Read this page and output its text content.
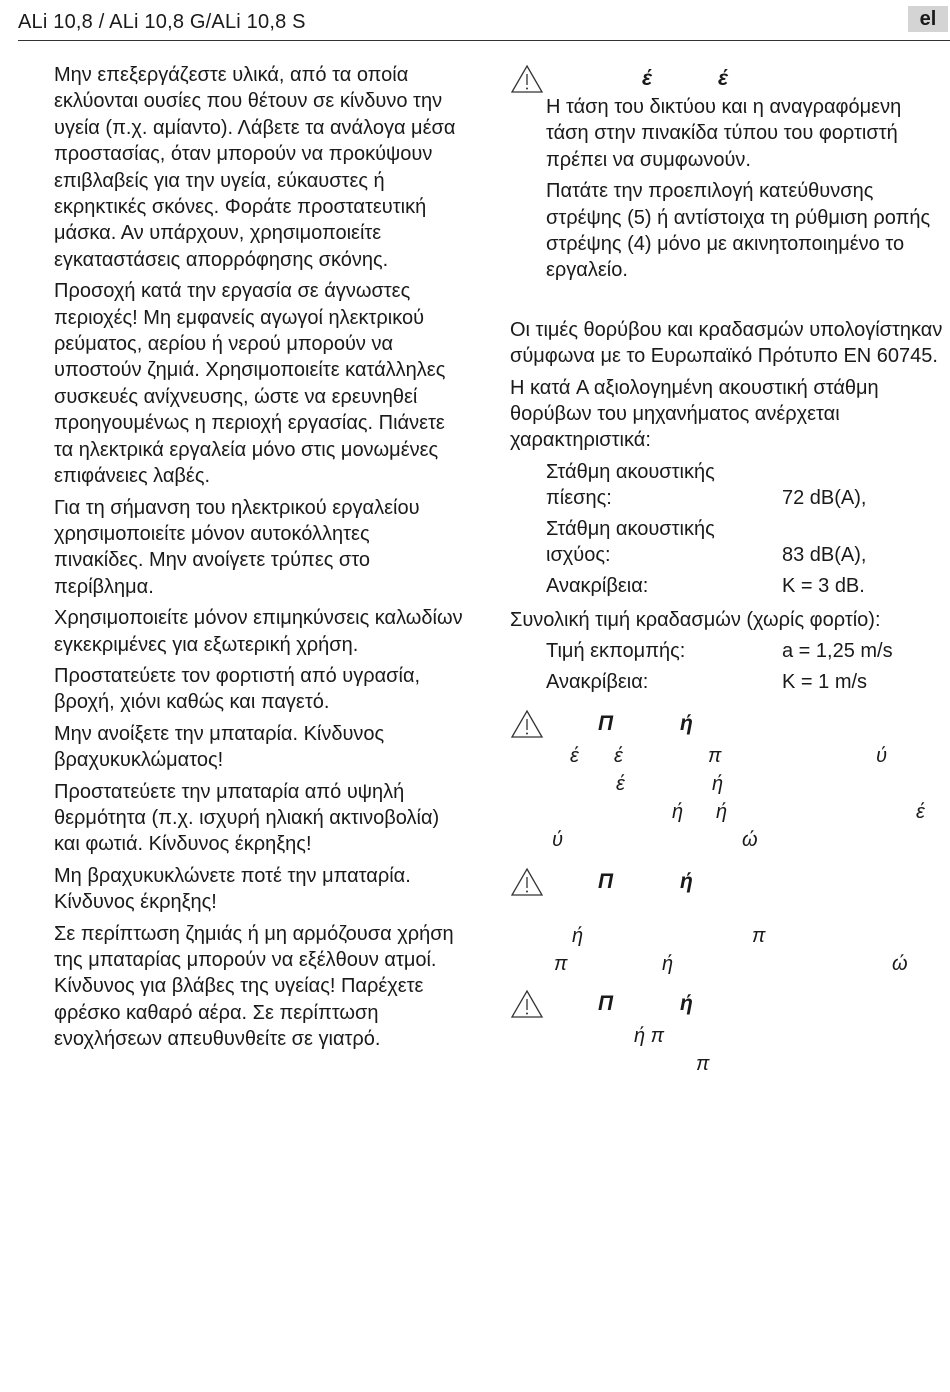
ALi 10,8 / ALi 10,8 G/ALi 10,8 S	el

Μην επεξεργάζεστε υλικά, από τα οποία εκλύονται ουσίες που θέτουν σε κίνδυνο την υγεία (π.χ. αμίαντο). Λάβετε τα ανάλογα μέσα προστασίας, όταν μπορούν να προκύψουν επιβλαβείς για την υγεία, εύκαυστες ή εκρηκτικές σκόνες. Φοράτε προστατευτική μάσκα. Αν υπάρχουν, χρησιμοποιείτε εγκαταστάσεις απορρόφησης σκόνης.

Προσοχή κατά την εργασία σε άγνωστες περιοχές! Μη εμφανείς αγωγοί ηλεκτρικού ρεύματος, αερίου ή νερού μπορούν να υποστούν ζημιά. Χρησιμοποιείτε κατάλληλες συσκευές ανίχνευσης, ώστε να ερευνηθεί προηγουμένως η περιοχή εργασίας. Πιάνετε τα ηλεκτρικά εργαλεία μόνο στις μονωμένες επιφάνειες λαβές.

Για τη σήμανση του ηλεκτρικού εργαλείου χρησιμοποιείτε μόνον αυτοκόλλητες πινακίδες. Μην ανοίγετε τρύπες στο περίβλημα.

Χρησιμοποιείτε μόνον επιμηκύνσεις καλωδίων εγκεκριμένες για εξωτερική χρήση.

Προστατεύετε τον φορτιστή από υγρασία, βροχή, χιόνι καθώς και παγετό.

Μην ανοίξετε την μπαταρία. Κίνδυνος βραχυκυκλώματος!

Προστατεύετε την μπαταρία από υψηλή θερμότητα (π.χ. ισχυρή ηλιακή ακτινοβολία) και φωτιά. Κίνδυνος έκρηξης!

Μη βραχυκυκλώνετε ποτέ την μπαταρία. Κίνδυνος έκρηξης!

Σε περίπτωση ζημιάς ή μη αρμόζουσα χρήση της μπαταρίας μπορούν να εξέλθουν ατμοί. Κίνδυνος για βλάβες της υγείας! Παρέχετε φρέσκο καθαρό αέρα. Σε περίπτωση ενοχλήσεων απευθυνθείτε σε γιατρό.

έ	έ

Η τάση του δικτύου και η αναγραφόμενη τάση στην πινακίδα τύπου του φορτιστή πρέπει να συμφωνούν.

Πατάτε την προεπιλογή κατεύθυνσης στρέψης (5) ή αντίστοιχα τη ρύθμιση ροπής στρέψης (4) μόνο με ακινητοποιημένο το εργαλείο.

Οι τιμές θορύβου και κραδασμών υπολογίστηκαν σύμφωνα με το Ευρωπαϊκό Πρότυπο EN 60745.

Η κατά A αξιολογημένη ακουστική στάθμη θορύβων του μηχανήματος ανέρχεται χαρακτηριστικά:

Στάθμη ακουστικής
πίεσης:	72 dB(A),
Στάθμη ακουστικής
ισχύος:	83 dB(A),
Ανακρίβεια:	K = 3 dB.

Συνολική τιμή κραδασμών (χωρίς φορτίο):

Τιμή εκπομπής:	a = 1,25 m/s
Ανακρίβεια:	K = 1 m/s
Π	ή
έ έ	π	ύ
έ	ή
ή ή	έ
ύ	ώ
Π	ή
ή	π
π	ή	ώ
Π	ή
ή π
π
